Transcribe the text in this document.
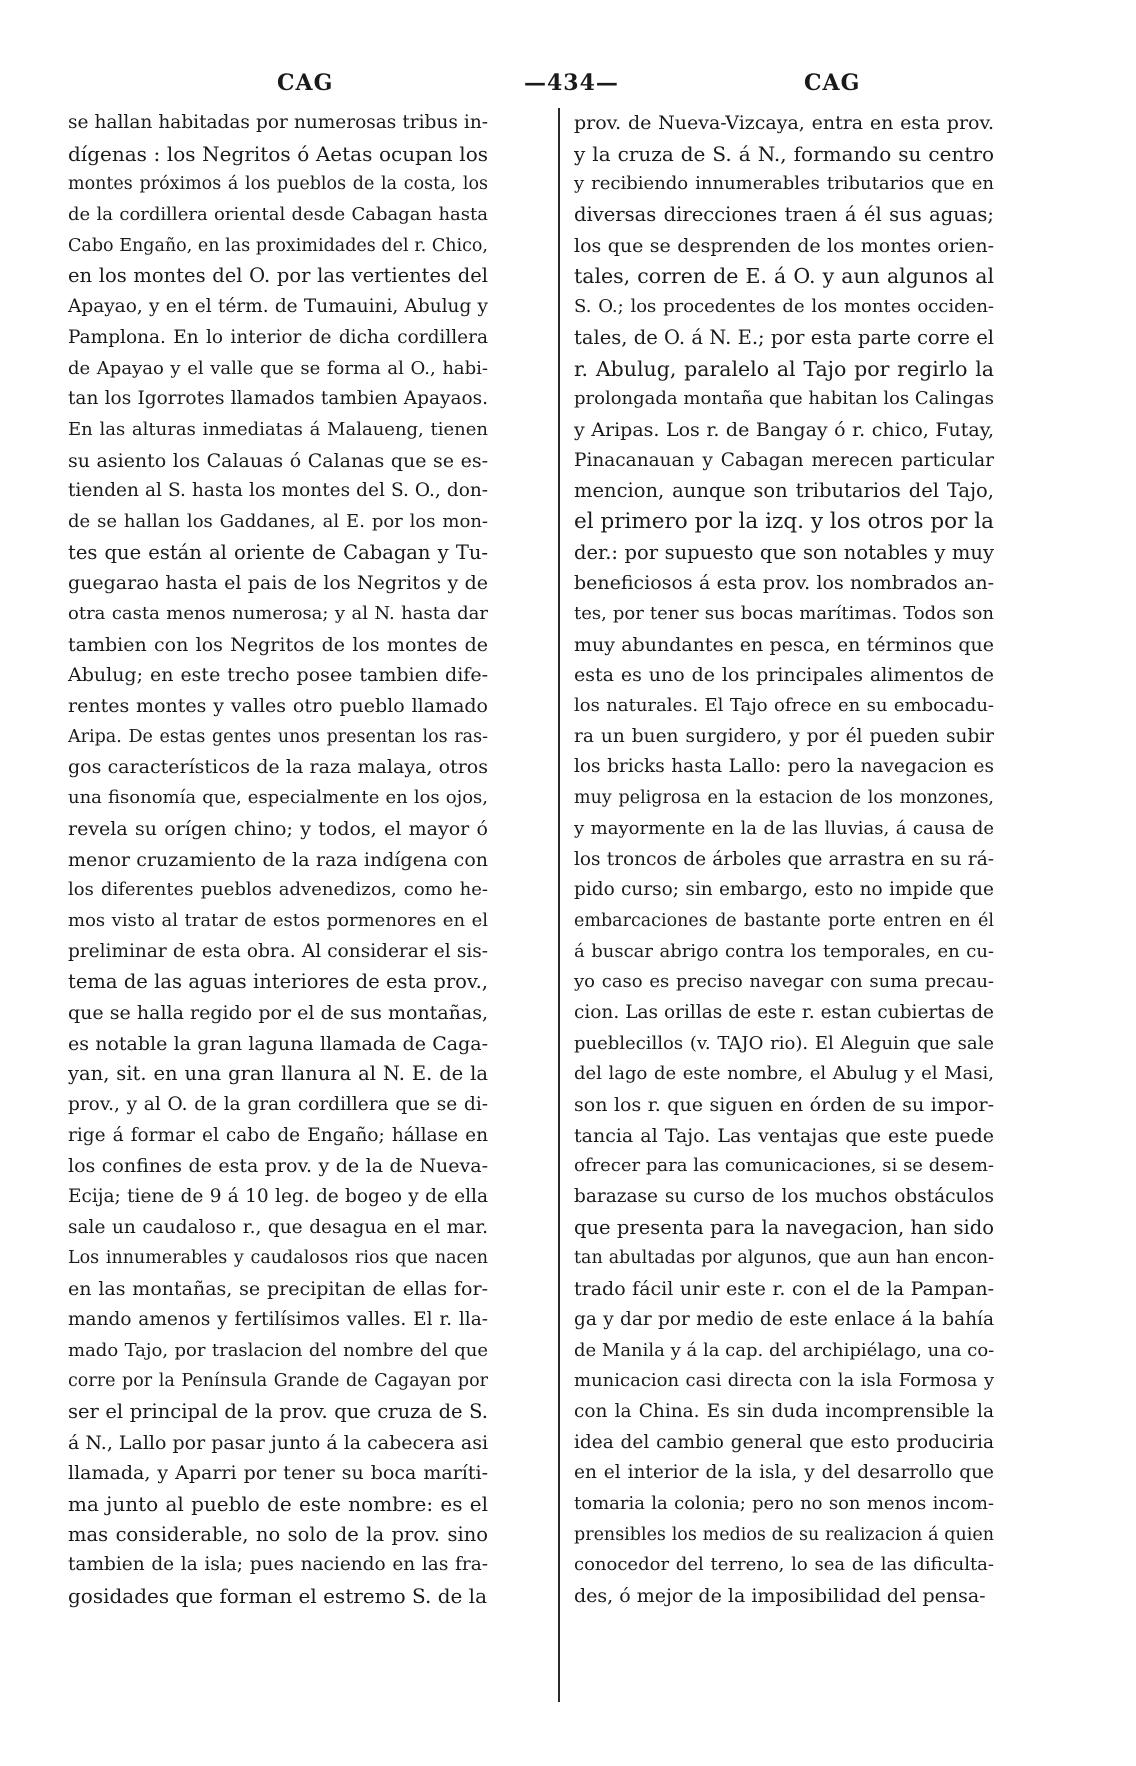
CAG	—434—	CAG
se hallan habitadas por numerosas tribus in-
dígenas : los Negritos ó Aetas ocupan los
montes próximos á los pueblos de la costa, los
de la cordillera oriental desde Cabagan hasta
Cabo Engaño, en las proximidades del r. Chico,
en los montes del O. por las vertientes del
Apayao, y en el térm. de Tumauini, Abulug y
Pamplona. En lo interior de dicha cordillera
de Apayao y el valle que se forma al O., habi-
tan los Igorrotes llamados tambien Apayaos.
En las alturas inmediatas á Malaueng, tienen
su asiento los Calauas ó Calanas que se es-
tienden al S. hasta los montes del S. O., don-
de se hallan los Gaddanes, al E. por los mon-
tes que están al oriente de Cabagan y Tu-
guegarao hasta el pais de los Negritos y de
otra casta menos numerosa; y al N. hasta dar
tambien con los Negritos de los montes de
Abulug; en este trecho posee tambien dife-
rentes montes y valles otro pueblo llamado
Aripa. De estas gentes unos presentan los ras-
gos característicos de la raza malaya, otros
una fisonomía que, especialmente en los ojos,
revela su orígen chino; y todos, el mayor ó
menor cruzamiento de la raza indígena con
los diferentes pueblos advenedizos, como he-
mos visto al tratar de estos pormenores en el
preliminar de esta obra. Al considerar el sis-
tema de las aguas interiores de esta prov.,
que se halla regido por el de sus montañas,
es notable la gran laguna llamada de Caga-
yan, sit. en una gran llanura al N. E. de la
prov., y al O. de la gran cordillera que se di-
rige á formar el cabo de Engaño; hállase en
los confines de esta prov. y de la de Nueva-
Ecija; tiene de 9 á 10 leg. de bogeo y de ella
sale un caudaloso r., que desagua en el mar.
Los innumerables y caudalosos rios que nacen
en las montañas, se precipitan de ellas for-
mando amenos y fertilísimos valles. El r. lla-
mado Tajo, por traslacion del nombre del que
corre por la Península Grande de Cagayan por
ser el principal de la prov. que cruza de S.
á N., Lallo por pasar junto á la cabecera asi
llamada, y Aparri por tener su boca maríti-
ma junto al pueblo de este nombre: es el
mas considerable, no solo de la prov. sino
tambien de la isla; pues naciendo en las fra-
gosidades que forman el estremo S. de la
prov. de Nueva-Vizcaya, entra en esta prov.
y la cruza de S. á N., formando su centro
y recibiendo innumerables tributarios que en
diversas direcciones traen á él sus aguas;
los que se desprenden de los montes orien-
tales, corren de E. á O. y aun algunos al
S. O.; los procedentes de los montes occiden-
tales, de O. á N. E.; por esta parte corre el
r. Abulug, paralelo al Tajo por regirlo la
prolongada montaña que habitan los Calingas
y Aripas. Los r. de Bangay ó r. chico, Futay,
Pinacanauan y Cabagan merecen particular
mencion, aunque son tributarios del Tajo,
el primero por la izq. y los otros por la
der.: por supuesto que son notables y muy
beneficiosos á esta prov. los nombrados an-
tes, por tener sus bocas marítimas. Todos son
muy abundantes en pesca, en términos que
esta es uno de los principales alimentos de
los naturales. El Tajo ofrece en su embocadu-
ra un buen surgidero, y por él pueden subir
los bricks hasta Lallo: pero la navegacion es
muy peligrosa en la estacion de los monzones,
y mayormente en la de las lluvias, á causa de
los troncos de árboles que arrastra en su rá-
pido curso; sin embargo, esto no impide que
embarcaciones de bastante porte entren en él
á buscar abrigo contra los temporales, en cu-
yo caso es preciso navegar con suma precau-
cion. Las orillas de este r. estan cubiertas de
pueblecillos (v. TAJO rio). El Aleguin que sale
del lago de este nombre, el Abulug y el Masi,
son los r. que siguen en órden de su impor-
tancia al Tajo. Las ventajas que este puede
ofrecer para las comunicaciones, si se desem-
barazase su curso de los muchos obstáculos
que presenta para la navegacion, han sido
tan abultadas por algunos, que aun han encon-
trado fácil unir este r. con el de la Pampan-
ga y dar por medio de este enlace á la bahía
de Manila y á la cap. del archipiélago, una co-
municacion casi directa con la isla Formosa y
con la China. Es sin duda incomprensible la
idea del cambio general que esto produciria
en el interior de la isla, y del desarrollo que
tomaria la colonia; pero no son menos incom-
prensibles los medios de su realizacion á quien
conocedor del terreno, lo sea de las dificulta-
des, ó mejor de la imposibilidad del pensa-
